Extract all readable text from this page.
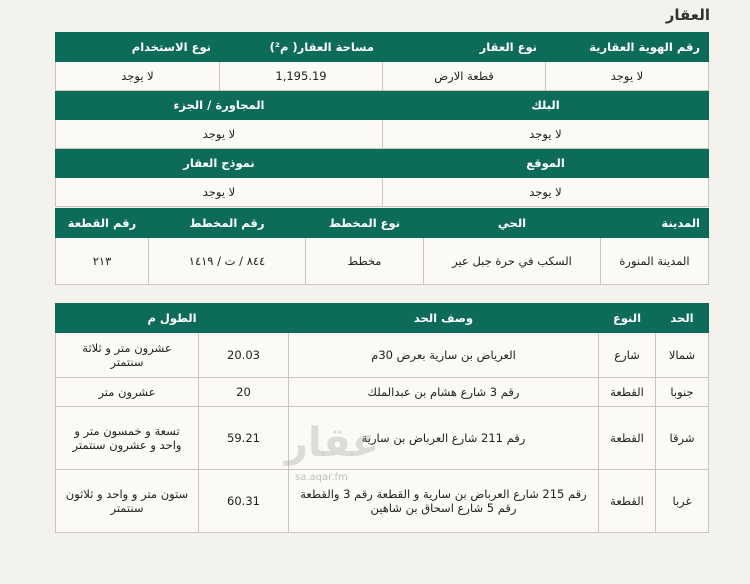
العقار
رقم الهوية العقارية	نوع العقار	مساحة العقار( م²)	نوع الاستخدام
لا يوجد	قطعة الارض	1,195.19	لا يوجد
البلك		المجاورة / الجزء	
لا يوجد		لا يوجد	
الموقع		نموذج العقار	
لا يوجد		لا يوجد	
المدينة	الحي	نوع المخطط	رقم المخطط	رقم القطعة
المدينة المنورة	السكب في حرة جبل عير	مخطط	٨٤٤ / ت / ١٤١٩	٢١٣
الحد	النوع	وصف الحد	الطول م	
شمالا	شارع	العرياض بن سارية بعرض 30م	20.03	عشرون متر و ثلاثة سنتمتر
جنوبا	القطعة	رقم 3 شارع هشام بن عبدالملك	20	عشرون متر
شرقا	القطعة	رقم 211 شارع العرباض بن سارية	59.21	تسعة و خمسون متر و واحد و عشرون سنتمتر
غربا	القطعة	رقم 215 شارع العرباض بن سارية و القطعة رقم 3 والقطعة رقم 5 شارع اسحاق بن شاهين	60.31	ستون متر و واحد و ثلاثون سنتمتر
عقار
sa.aqar.fm
